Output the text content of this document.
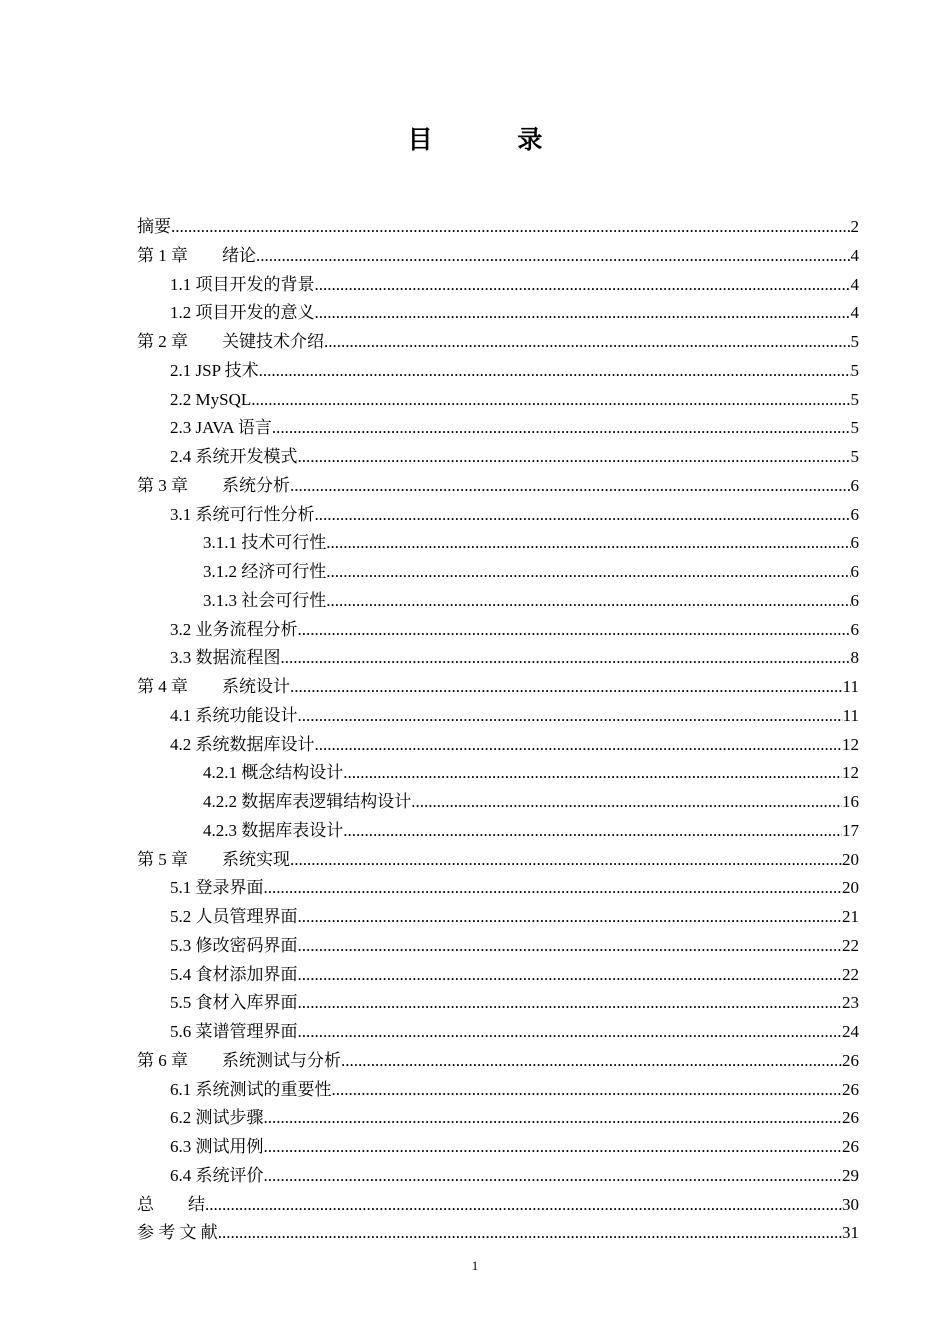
目 录
摘要 .....	2
第 1 章　　绪论 .....	4
1.1 项目开发的背景 .....	4
1.2 项目开发的意义 .....	4
第 2 章　　关键技术介绍 .....	5
2.1 JSP 技术 .....	5
2.2 MySQL .....	5
2.3 JAVA 语言 .....	5
2.4 系统开发模式 .....	5
第 3 章　　系统分析 .....	6
3.1 系统可行性分析 .....	6
3.1.1 技术可行性 .....	6
3.1.2 经济可行性 .....	6
3.1.3 社会可行性 .....	6
3.2 业务流程分析 .....	6
3.3 数据流程图 .....	8
第 4 章　　系统设计 .....	11
4.1 系统功能设计 .....	11
4.2 系统数据库设计 .....	12
4.2.1 概念结构设计 .....	12
4.2.2 数据库表逻辑结构设计 .....	16
4.2.3 数据库表设计 .....	17
第 5 章　　系统实现 .....	20
5.1 登录界面 .....	20
5.2 人员管理界面 .....	21
5.3 修改密码界面 .....	22
5.4 食材添加界面 .....	22
5.5 食材入库界面 .....	23
5.6 菜谱管理界面 .....	24
第 6 章　　系统测试与分析 .....	26
6.1 系统测试的重要性 .....	26
6.2 测试步骤 .....	26
6.3 测试用例 .....	26
6.4 系统评价 .....	29
总　　结 .....	30
参 考 文 献 .....	31
1
